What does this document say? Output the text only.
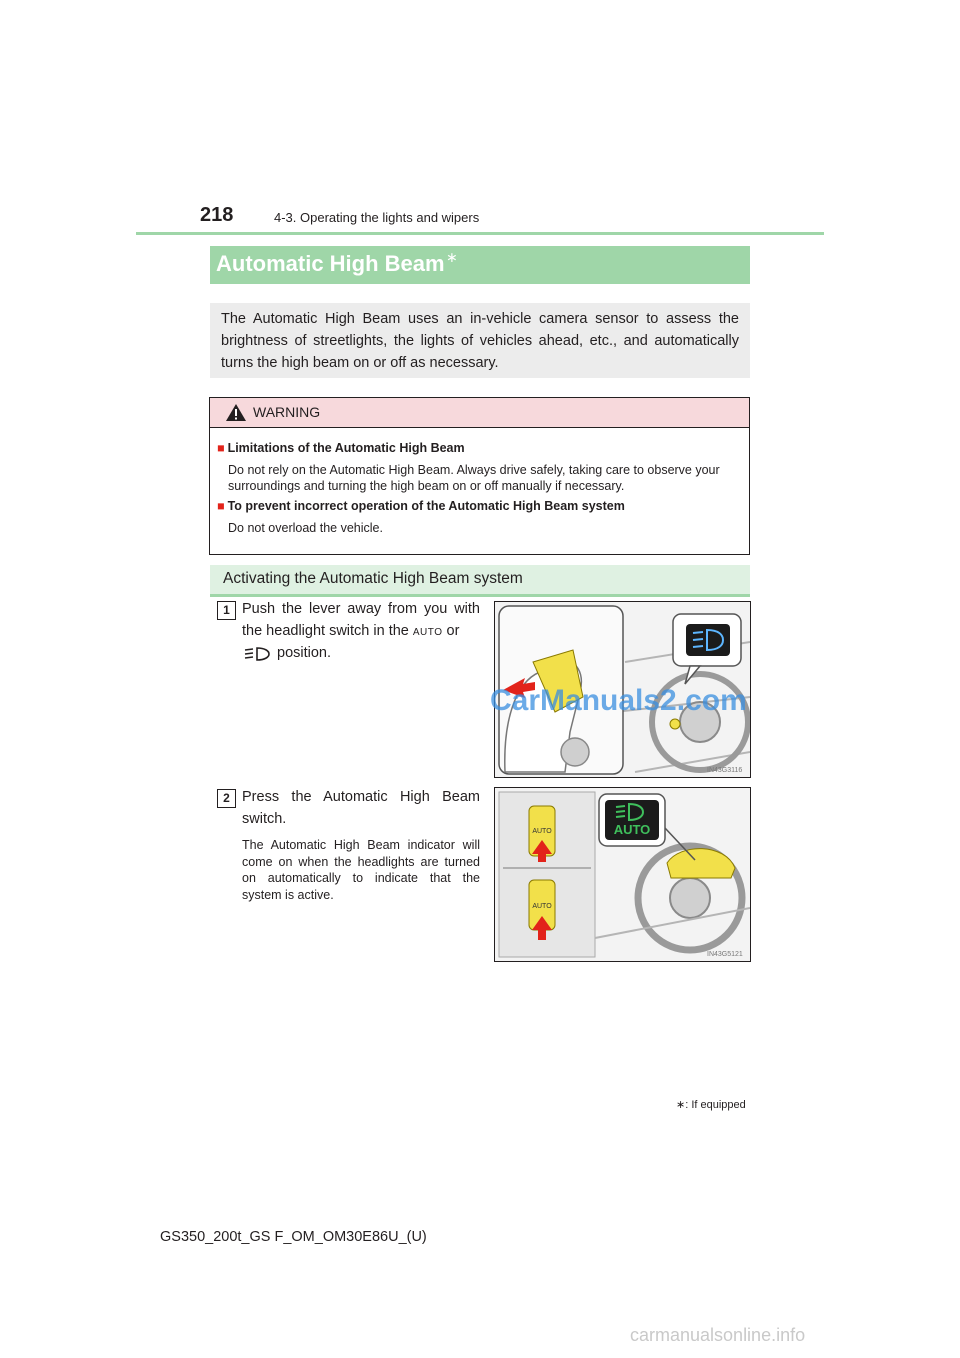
218	4-3. Operating the lights and wipers
Automatic High Beam ∗

The Automatic High Beam uses an in-vehicle camera sensor to assess the brightness of streetlights, the lights of vehicles ahead, etc., and automatically turns the high beam on or off as necessary.

WARNING
■ Limitations of the Automatic High Beam
Do not rely on the Automatic High Beam. Always drive safely, taking care to observe your surroundings and turning the high beam on or off manually if necessary.
■ To prevent incorrect operation of the Automatic High Beam system
Do not overload the vehicle.
Activating the Automatic High Beam system
1 Push the lever away from you with the headlight switch in the AUTO or
position.
IN43G3116
CarManuals2.com
2 Press the Automatic High Beam switch.
The Automatic High Beam indicator will come on when the headlights are turned on automatically to indicate that the system is active.
AUTO
AUTO
AUTO
IN43G5121
∗: If equipped
GS350_200t_GS F_OM_OM30E86U_(U)
carmanualsonline.info
